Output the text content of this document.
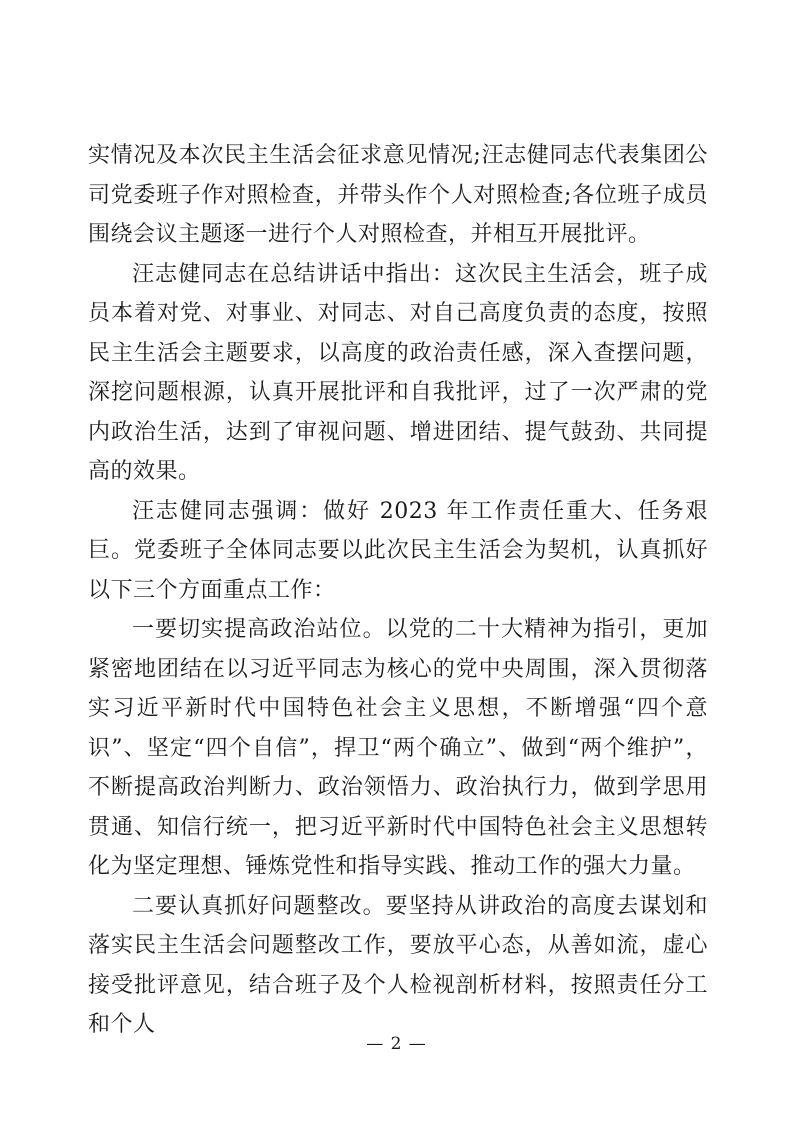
实情况及本次民主生活会征求意见情况;汪志健同志代表集团公司党委班子作对照检查，并带头作个人对照检查;各位班子成员围绕会议主题逐一进行个人对照检查，并相互开展批评。

汪志健同志在总结讲话中指出：这次民主生活会，班子成员本着对党、对事业、对同志、对自己高度负责的态度，按照民主生活会主题要求，以高度的政治责任感，深入查摆问题，深挖问题根源，认真开展批评和自我批评，过了一次严肃的党内政治生活，达到了审视问题、增进团结、提气鼓劲、共同提高的效果。

汪志健同志强调：做好 2023 年工作责任重大、任务艰巨。党委班子全体同志要以此次民主生活会为契机，认真抓好以下三个方面重点工作：

一要切实提高政治站位。以党的二十大精神为指引，更加紧密地团结在以习近平同志为核心的党中央周围，深入贯彻落实习近平新时代中国特色社会主义思想，不断增强“四个意识”、坚定“四个自信”，捍卫“两个确立”、做到“两个维护”，不断提高政治判断力、政治领悟力、政治执行力，做到学思用贯通、知信行统一，把习近平新时代中国特色社会主义思想转化为坚定理想、锤炼党性和指导实践、推动工作的强大力量。

二要认真抓好问题整改。要坚持从讲政治的高度去谋划和落实民主生活会问题整改工作，要放平心态，从善如流，虚心接受批评意见，结合班子及个人检视剖析材料，按照责任分工和个人

— 2 —
